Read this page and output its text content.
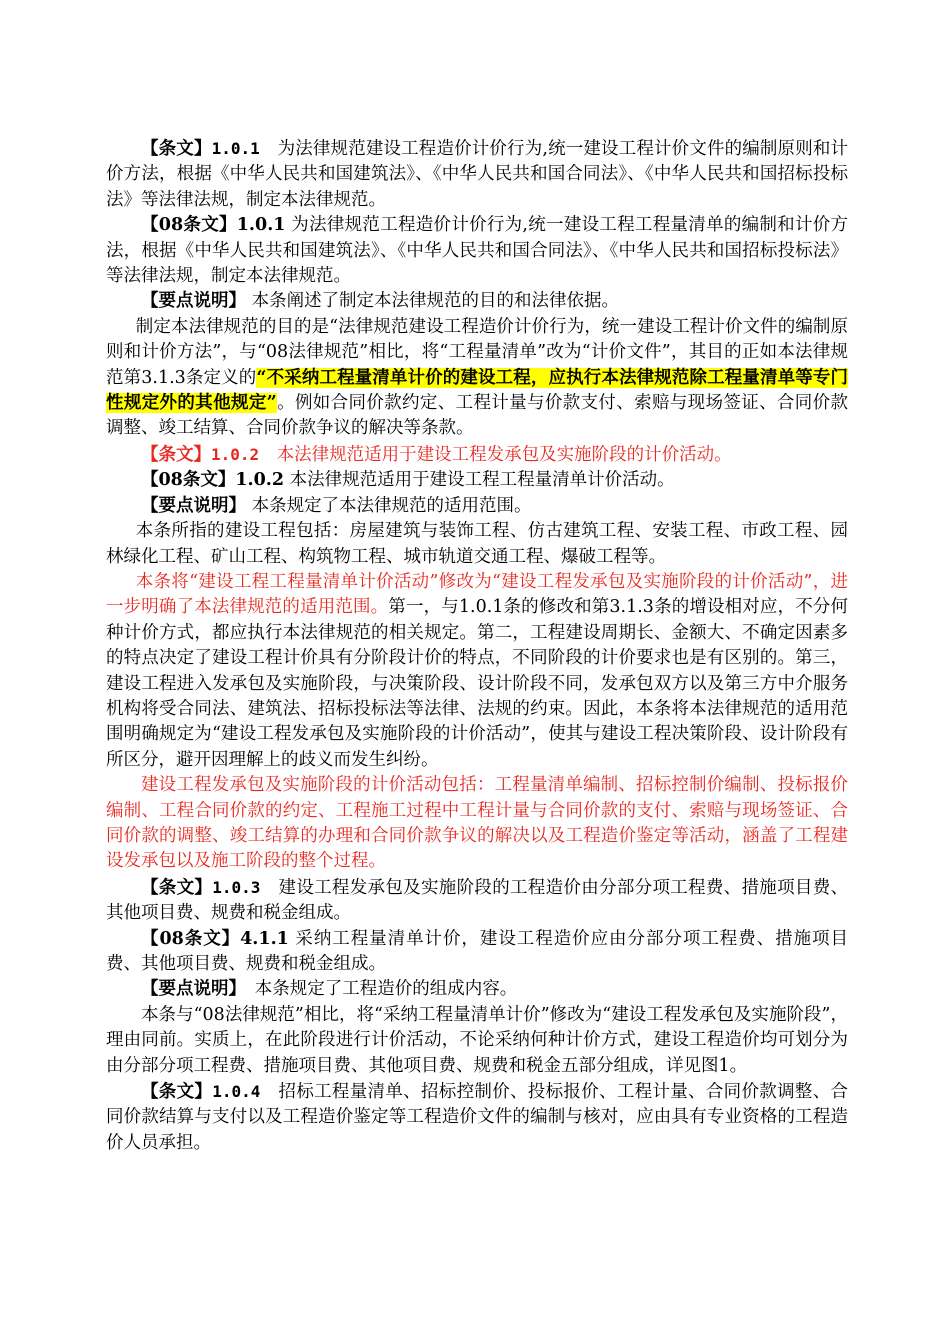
【条文】1.0.1　为法律规范建设工程造价计价行为,统一建设工程计价文件的编制原则和计价方法，根据《中华人民共和国建筑法》、《中华人民共和国合同法》、《中华人民共和国招标投标法》等法律法规，制定本法律规范。

【08条文】1.0.1 为法律规范工程造价计价行为,统一建设工程工程量清单的编制和计价方法，根据《中华人民共和国建筑法》、《中华人民共和国合同法》、《中华人民共和国招标投标法》等法律法规，制定本法律规范。

【要点说明】 本条阐述了制定本法律规范的目的和法律依据。

制定本法律规范的目的是“法律规范建设工程造价计价行为，统一建设工程计价文件的编制原则和计价方法”，与“08法律规范”相比，将“工程量清单”改为“计价文件”，其目的正如本法律规范第3.1.3条定义的“不采纳工程量清单计价的建设工程，应执行本法律规范除工程量清单等专门性规定外的其他规定”。例如合同价款约定、工程计量与价款支付、索赔与现场签证、合同价款调整、竣工结算、合同价款争议的解决等条款。

【条文】1.0.2　本法律规范适用于建设工程发承包及实施阶段的计价活动。

【08条文】1.0.2 本法律规范适用于建设工程工程量清单计价活动。

【要点说明】 本条规定了本法律规范的适用范围。

本条所指的建设工程包括：房屋建筑与装饰工程、仿古建筑工程、安装工程、市政工程、园林绿化工程、矿山工程、构筑物工程、城市轨道交通工程、爆破工程等。

本条将“建设工程工程量清单计价活动”修改为“建设工程发承包及实施阶段的计价活动”，进一步明确了本法律规范的适用范围。第一，与1.0.1条的修改和第3.1.3条的增设相对应，不分何种计价方式，都应执行本法律规范的相关规定。第二，工程建设周期长、金额大、不确定因素多的特点决定了建设工程计价具有分阶段计价的特点，不同阶段的计价要求也是有区别的。第三，建设工程进入发承包及实施阶段，与决策阶段、设计阶段不同，发承包双方以及第三方中介服务机构将受合同法、建筑法、招标投标法等法律、法规的约束。因此，本条将本法律规范的适用范围明确规定为“建设工程发承包及实施阶段的计价活动”，使其与建设工程决策阶段、设计阶段有所区分，避开因理解上的歧义而发生纠纷。

建设工程发承包及实施阶段的计价活动包括：工程量清单编制、招标控制价编制、投标报价编制、工程合同价款的约定、工程施工过程中工程计量与合同价款的支付、索赔与现场签证、合同价款的调整、竣工结算的办理和合同价款争议的解决以及工程造价鉴定等活动，涵盖了工程建设发承包以及施工阶段的整个过程。

【条文】1.0.3　建设工程发承包及实施阶段的工程造价由分部分项工程费、措施项目费、其他项目费、规费和税金组成。

【08条文】4.1.1 采纳工程量清单计价，建设工程造价应由分部分项工程费、措施项目费、其他项目费、规费和税金组成。

【要点说明】　本条规定了工程造价的组成内容。

本条与“08法律规范”相比，将“采纳工程量清单计价”修改为“建设工程发承包及实施阶段”，理由同前。实质上，在此阶段进行计价活动，不论采纳何种计价方式，建设工程造价均可划分为由分部分项工程费、措施项目费、其他项目费、规费和税金五部分组成，详见图1。

【条文】1.0.4　招标工程量清单、招标控制价、投标报价、工程计量、合同价款调整、合同价款结算与支付以及工程造价鉴定等工程造价文件的编制与核对，应由具有专业资格的工程造价人员承担。
